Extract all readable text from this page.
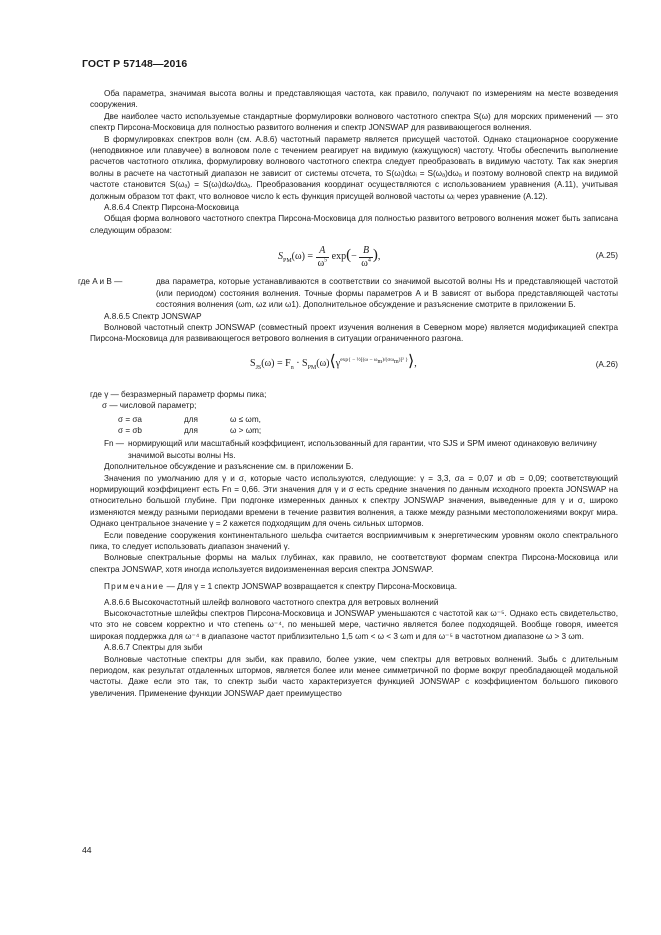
ГОСТ Р 57148—2016

Оба параметра, значимая высота волны и представляющая частота, как правило, получают по измерениям на месте возведения сооружения.

Две наиболее часто используемые стандартные формулировки волнового частотного спектра S(ω) для морских применений — это спектр Пирсона-Московица для полностью развитого волнения и спектр JONSWAP для развивающегося волнения.

В формулировках спектров волн (см. А.8.6) частотный параметр является присущей частотой. Однако стационарное сооружение (неподвижное или плавучее) в волновом поле с течением реагирует на видимую (кажущуюся) частоту. Чтобы обеспечить выполнение расчетов частотного отклика, формулировку волнового частотного спектра следует преобразовать в видимую частоту. Так как энергия волны в расчете на частотный диапазон не зависит от системы отсчета, то S(ωᵢ)dωᵢ = S(ωₐ)dωₐ и поэтому волновой спектр на видимой частоте становится S(ωₐ) = S(ωᵢ)dωᵢ/dωₐ. Преобразования координат осуществляются с использованием уравнения (А.11), учитывая должным образом тот факт, что волновое число k есть функция присущей волновой частоты ωᵢ через уравнение (А.12).

А.8.6.4 Спектр Пирсона-Московица

Общая форма волнового частотного спектра Пирсона-Московица для полностью развитого ветрового волнения может быть записана следующим образом:

$S_{PM}(\omega) = \frac{A}{\omega^5} \exp(- \frac{B}{\omega^4}$ ),	(А.25)
где A и B —	два параметра, которые устанавливаются в соответствии со значимой высотой волны Hs и представляющей частотой (или периодом) состояния волнения. Точные формы параметров A и B зависят от выбора представляющей частоты состояния волнения (ωm, ωz или ω1). Дополнительное обсуждение и разъяснение смотрите в приложении Б.

А.8.6.5 Спектр JONSWAP

Волновой частотный спектр JONSWAP (совместный проект изучения волнения в Северном море) является модификацией спектра Пирсона-Московица для развивающегося ветрового волнения в ситуации ограниченного разгона.

$S_{JS}(\omega) = F_n$ · $S_{PM}(\omega)⟨\gamma^{exp\{ - \frac{1}{2}[(\omega - \omega_m)/(\sigma\omega_m)]^2 \}}⟩$,	(А.26)
где γ — безразмерный параметр формы пика;
σ — числовой параметр;
σ = σa	для	ω ≤ ωm,
σ = σb	для	ω > ωm;
Fn — нормирующий или масштабный коэффициент, использованный для гарантии, что SJS и SPM имеют одинаковую величину значимой высоты волны Hs.

Дополнительное обсуждение и разъяснение см. в приложении Б.

Значения по умолчанию для γ и σ, которые часто используются, следующие: γ = 3,3, σa = 0,07 и σb = 0,09; соответствующий нормирующий коэффициент есть Fn = 0,66. Эти значения для γ и σ есть средние значения по данным исходного проекта JONSWAP на относительно большой глубине. При подгонке измеренных данных к спектру JONSWAP значения, выведенные для γ и σ, широко изменяются между разными периодами времени в течение развития волнения, а также между разными местоположениями вокруг мира. Однако центральное значение γ = 2 кажется подходящим для очень сильных штормов.

Если поведение сооружения континентального шельфа считается восприимчивым к энергетическим уровням около спектрального пика, то следует использовать диапазон значений γ.

Волновые спектральные формы на малых глубинах, как правило, не соответствуют формам спектра Пирсона-Московица или спектра JONSWAP, хотя иногда используется видоизмененная версия спектра JONSWAP.

Примечание — Для γ = 1 спектр JONSWAP возвращается к спектру Пирсона-Московица.

А.8.6.6 Высокочастотный шлейф волнового частотного спектра для ветровых волнений

Высокочастотные шлейфы спектров Пирсона-Московица и JONSWAP уменьшаются с частотой как ω⁻⁵. Однако есть свидетельство, что это не совсем корректно и что степень ω⁻⁴, по меньшей мере, частично является более подходящей. Вообще говоря, имеется широкая поддержка для ω⁻⁴ в диапазоне частот приблизительно 1,5 ωm < ω < 3 ωm и для ω⁻⁵ в частотном диапазоне ω > 3 ωm.

А.8.6.7 Спектры для зыби

Волновые частотные спектры для зыби, как правило, более узкие, чем спектры для ветровых волнений. Зыбь с длительным периодом, как результат отдаленных штормов, является более или менее симметричной по форме вокруг преобладающей модальной частоты. Даже если это так, то спектр зыби часто характеризуется функцией JONSWAP с коэффициентом большого пикового увеличения. Применение функции JONSWAP дает преимущество

44
